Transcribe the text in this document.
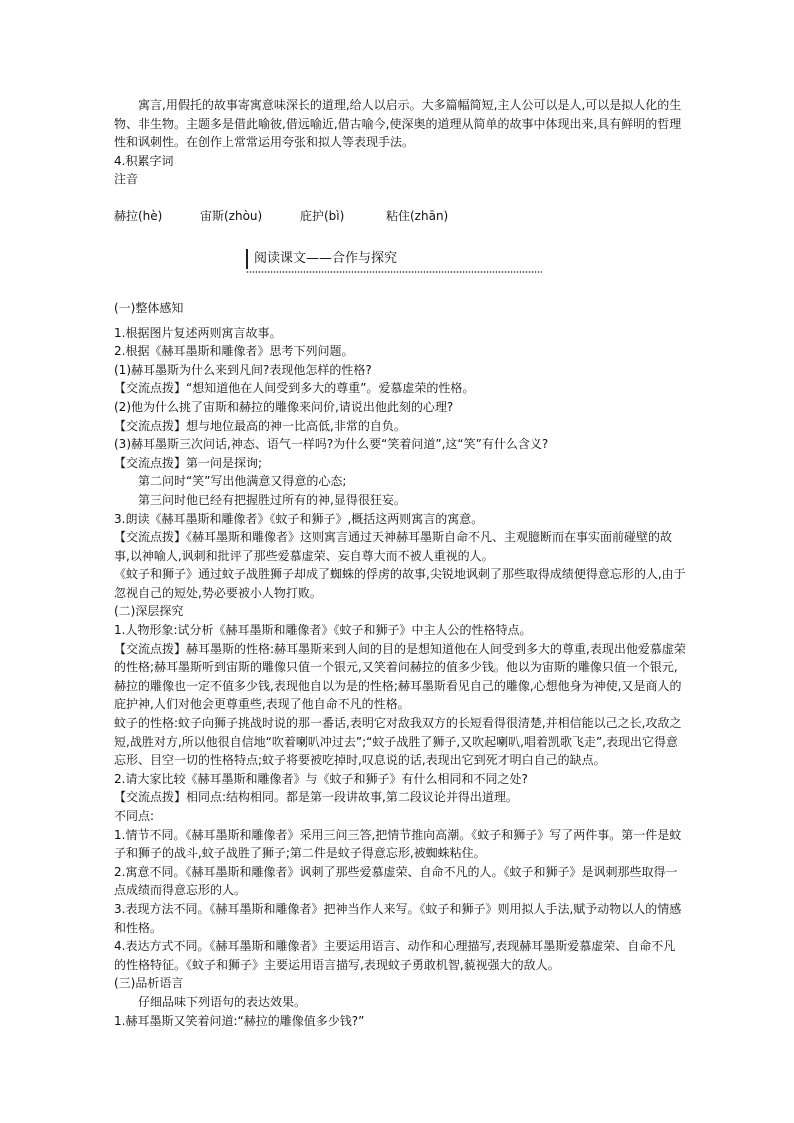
寓言,用假托的故事寄寓意味深长的道理,给人以启示。大多篇幅简短,主人公可以是人,可以是拟人化的生物、非生物。主题多是借此喻彼,借远喻近,借古喻今,使深奥的道理从简单的故事中体现出来,具有鲜明的哲理性和讽刺性。在创作上常常运用夸张和拟人等表现手法。

4.积累字词

注音

赫拉(hè)	宙斯(zhòu)	庇护(bì)	粘住(zhān)
阅读课文——合作与探究

(一)整体感知

1.根据图片复述两则寓言故事。

2.根据《赫耳墨斯和雕像者》思考下列问题。

(1)赫耳墨斯为什么来到凡间?表现他怎样的性格?

【交流点拨】“想知道他在人间受到多大的尊重”。爱慕虚荣的性格。

(2)他为什么挑了宙斯和赫拉的雕像来问价,请说出他此刻的心理?

【交流点拨】想与地位最高的神一比高低,非常的自负。

(3)赫耳墨斯三次问话,神态、语气一样吗?为什么要“笑着问道”,这“笑”有什么含义?

【交流点拨】第一问是探询;

第二问时“笑”写出他满意又得意的心态;

第三问时他已经有把握胜过所有的神,显得很狂妄。

3.朗读《赫耳墨斯和雕像者》《蚊子和狮子》,概括这两则寓言的寓意。

【交流点拨】《赫耳墨斯和雕像者》这则寓言通过天神赫耳墨斯自命不凡、主观臆断而在事实面前碰壁的故事,以神喻人,讽刺和批评了那些爱慕虚荣、妄自尊大而不被人重视的人。

《蚊子和狮子》通过蚊子战胜狮子却成了蜘蛛的俘虏的故事,尖锐地讽刺了那些取得成绩便得意忘形的人,由于忽视自己的短处,势必要被小人物打败。

(二)深层探究

1.人物形象:试分析《赫耳墨斯和雕像者》《蚊子和狮子》中主人公的性格特点。

【交流点拨】赫耳墨斯的性格:赫耳墨斯来到人间的目的是想知道他在人间受到多大的尊重,表现出他爱慕虚荣的性格;赫耳墨斯听到宙斯的雕像只值一个银元,又笑着问赫拉的值多少钱。他以为宙斯的雕像只值一个银元,赫拉的雕像也一定不值多少钱,表现他自以为是的性格;赫耳墨斯看见自己的雕像,心想他身为神使,又是商人的庇护神,人们对他会更尊重些,表现了他自命不凡的性格。

蚊子的性格:蚊子向狮子挑战时说的那一番话,表明它对敌我双方的长短看得很清楚,并相信能以己之长,攻敌之短,战胜对方,所以他很自信地“吹着喇叭冲过去”;“蚊子战胜了狮子,又吹起喇叭,唱着凯歌飞走”,表现出它得意忘形、目空一切的性格特点;蚊子将要被吃掉时,叹息说的话,表现出它到死才明白自己的缺点。

2.请大家比较《赫耳墨斯和雕像者》与《蚊子和狮子》有什么相同和不同之处?

【交流点拨】相同点:结构相同。都是第一段讲故事,第二段议论并得出道理。

不同点:

1.情节不同。《赫耳墨斯和雕像者》采用三问三答,把情节推向高潮。《蚊子和狮子》写了两件事。第一件是蚊子和狮子的战斗,蚊子战胜了狮子;第二件是蚊子得意忘形,被蜘蛛粘住。

2.寓意不同。《赫耳墨斯和雕像者》讽刺了那些爱慕虚荣、自命不凡的人。《蚊子和狮子》是讽刺那些取得一点成绩而得意忘形的人。

3.表现方法不同。《赫耳墨斯和雕像者》把神当作人来写。《蚊子和狮子》则用拟人手法,赋予动物以人的情感和性格。

4.表达方式不同。《赫耳墨斯和雕像者》主要运用语言、动作和心理描写,表现赫耳墨斯爱慕虚荣、自命不凡的性格特征。《蚊子和狮子》主要运用语言描写,表现蚊子勇敢机智,藐视强大的敌人。

(三)品析语言

仔细品味下列语句的表达效果。

1.赫耳墨斯又笑着问道:“赫拉的雕像值多少钱?”
